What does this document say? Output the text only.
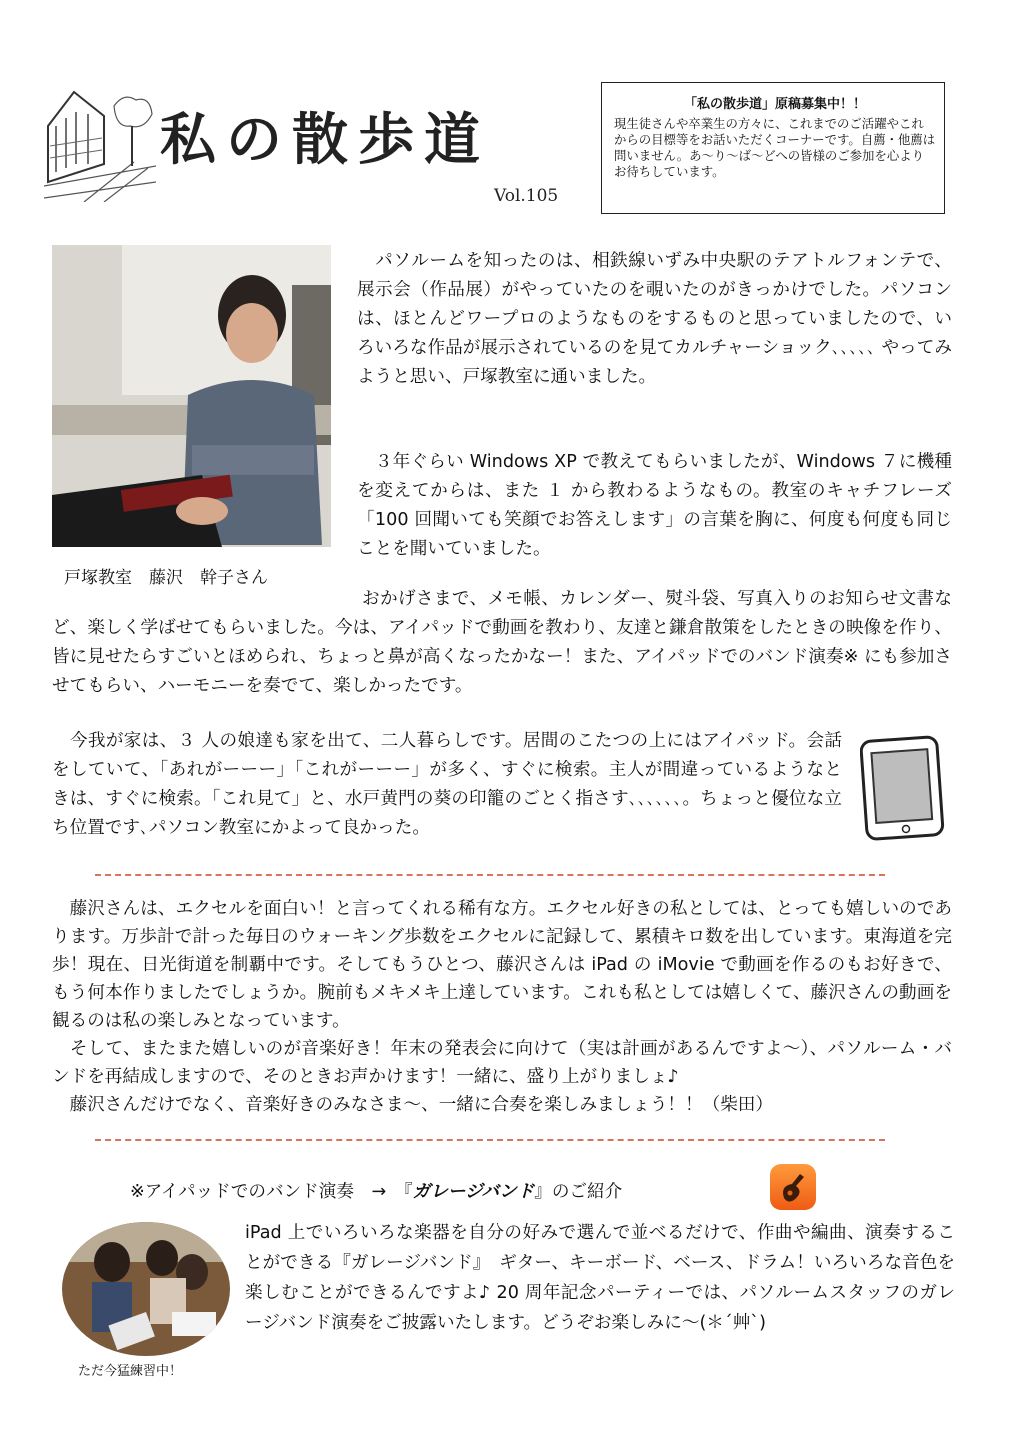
私の散歩道
Vol.105
「私の散歩道」原稿募集中！！

現生徒さんや卒業生の方々に、これまでのご活躍やこれからの目標等をお話いただくコーナーです。自薦・他薦は問いません。あ～り～ば～どへの皆様のご参加を心よりお待ちしています。

戸塚教室　藤沢　幹子さん

　パソルームを知ったのは、相鉄線いずみ中央駅のテアトルフォンテで、展示会（作品展）がやっていたのを覗いたのがきっかけでした。パソコンは、ほとんどワープロのようなものをするものと思っていましたので、いろいろな作品が展示されているのを見てカルチャーショック､､､､､ やってみようと思い、戸塚教室に通いました。

　３年ぐらい Windows XP で教えてもらいましたが、Windows ７に機種を変えてからは、また １ から教わるようなもの。教室のキャチフレーズ「100 回聞いても笑顔でお答えします」の言葉を胸に、何度も何度も同じことを聞いていました。

おかげさまで、メモ帳、カレンダー、熨斗袋、写真入りのお知らせ文書など、楽しく学ばせてもらいました。今は、アイパッドで動画を教わり、友達と鎌倉散策をしたときの映像を作り、皆に見せたらすごいとほめられ、ちょっと鼻が高くなったかなー！また、アイパッドでのバンド演奏※ にも参加させてもらい、ハーモニーを奏でて、楽しかったです。

　今我が家は、３ 人の娘達も家を出て、二人暮らしです。居間のこたつの上にはアイパッド。会話をしていて、「あれがーーー」「これがーーー」が多く、すぐに検索。主人が間違っているようなときは、すぐに検索。「これ見て」と、水戸黄門の葵の印籠のごとく指さす､､､､､､。ちょっと優位な立ち位置です､パソコン教室にかよって良かった。

　藤沢さんは、エクセルを面白い！と言ってくれる稀有な方。エクセル好きの私としては、とっても嬉しいのであります。万歩計で計った毎日のウォーキング歩数をエクセルに記録して、累積キロ数を出しています。東海道を完歩！現在、日光街道を制覇中です。そしてもうひとつ、藤沢さんは iPad の iMovie で動画を作るのもお好きで、もう何本作りましたでしょうか。腕前もメキメキ上達しています。これも私としては嬉しくて、藤沢さんの動画を観るのは私の楽しみとなっています。

　そして、またまた嬉しいのが音楽好き！年末の発表会に向けて（実は計画があるんですよ～）、パソルーム・バンドを再結成しますので、そのときお声かけます！一緒に、盛り上がりましょ♪

　藤沢さんだけでなく、音楽好きのみなさま～、一緒に合奏を楽しみましょう！！（柴田）

※アイパッドでのバンド演奏　→　『ガレージバンド』のご紹介
ただ今猛練習中！

iPad 上でいろいろな楽器を自分の好みで選んで並べるだけで、作曲や編曲、演奏することができる『ガレージバンド』　ギター、キーボード、ベース、ドラム！いろいろな音色を楽しむことができるんですよ♪ 20 周年記念パーティーでは、パソルームスタッフのガレージバンド演奏をご披露いたします。どうぞお楽しみに～(＊´艸`)
